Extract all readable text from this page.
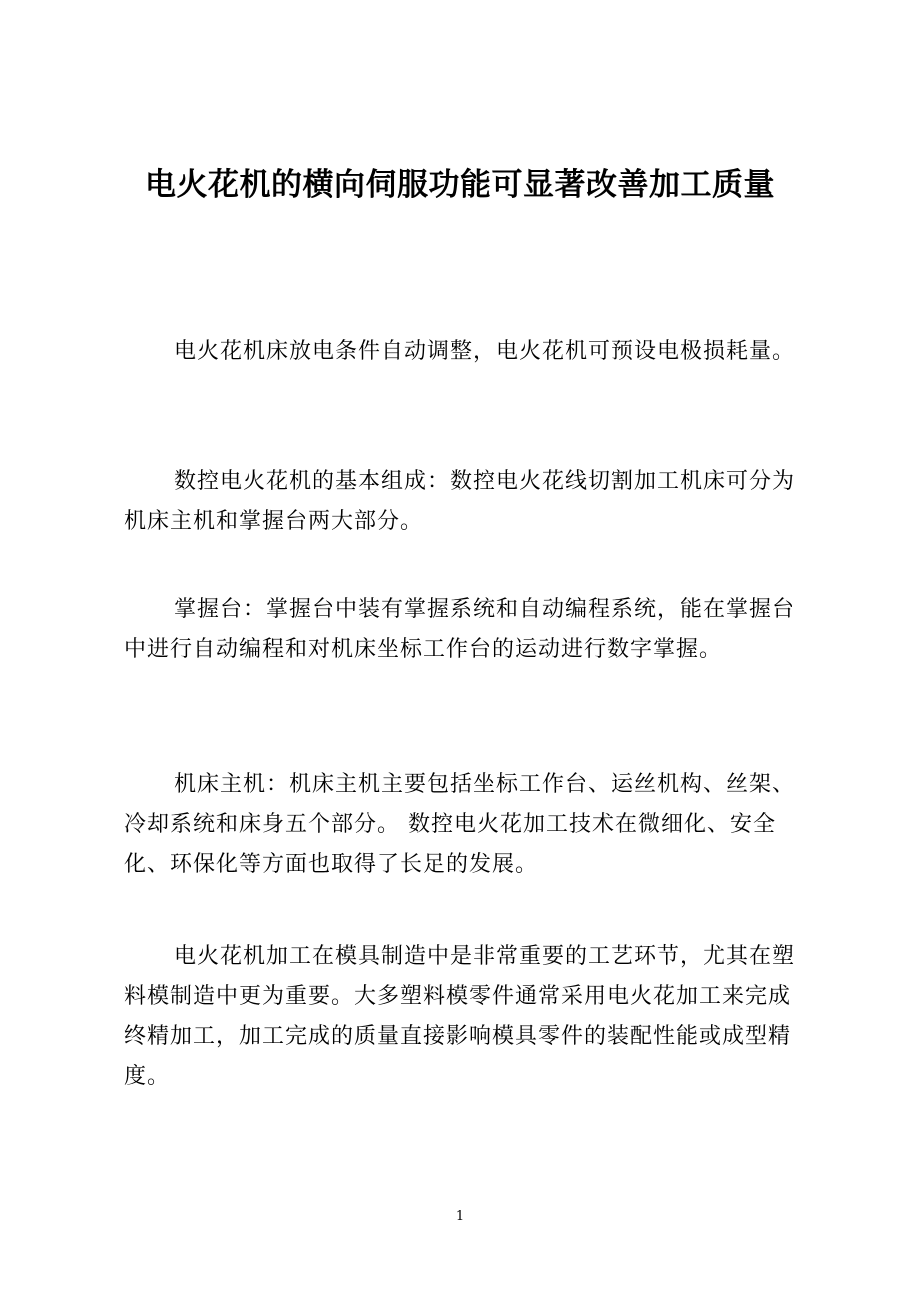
电火花机的横向伺服功能可显著改善加工质量
电火花机床放电条件自动调整，电火花机可预设电极损耗量。
数控电火花机的基本组成：数控电火花线切割加工机床可分为机床主机和掌握台两大部分。
掌握台：掌握台中装有掌握系统和自动编程系统，能在掌握台中进行自动编程和对机床坐标工作台的运动进行数字掌握。
机床主机：机床主机主要包括坐标工作台、运丝机构、丝架、冷却系统和床身五个部分。 数控电火花加工技术在微细化、安全化、环保化等方面也取得了长足的发展。
电火花机加工在模具制造中是非常重要的工艺环节，尤其在塑料模制造中更为重要。大多塑料模零件通常采用电火花加工来完成终精加工，加工完成的质量直接影响模具零件的装配性能或成型精度。
1
